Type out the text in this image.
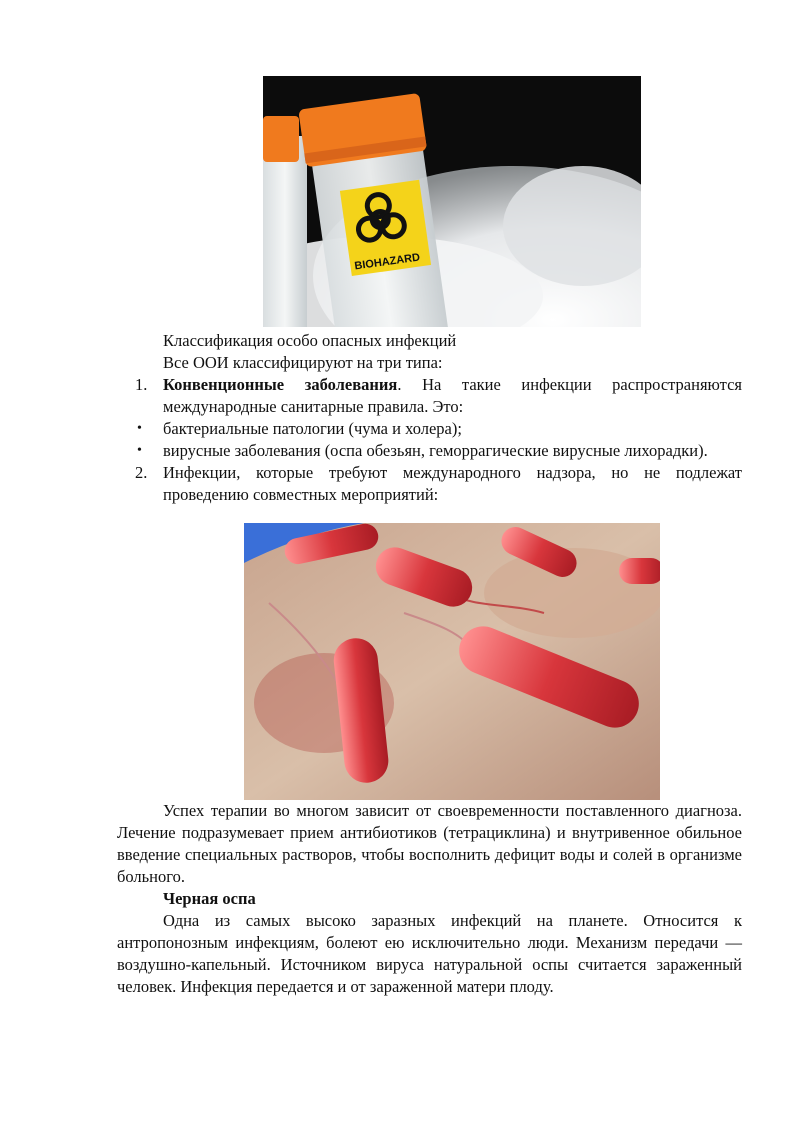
BIOHAZARD

Классификация особо опасных инфекций

Все ООИ классифицируют на три типа:

1. Конвенционные заболевания. На такие инфекции распространяются международные санитарные правила. Это:

• бактериальные патологии (чума и холера);

• вирусные заболевания (оспа обезьян, геморрагические вирусные лихорадки).

2. Инфекции, которые требуют международного надзора, но не подлежат проведению совместных мероприятий:

Успех терапии во многом зависит от своевременности поставленного диагноза. Лечение подразумевает прием антибиотиков (тетрациклина) и внутривенное обильное введение специальных растворов, чтобы восполнить дефицит воды и солей в организме больного.

Черная оспа

Одна из самых высоко заразных инфекций на планете. Относится к антропонозным инфекциям, болеют ею исключительно люди. Механизм передачи — воздушно-капельный. Источником вируса натуральной оспы считается зараженный человек. Инфекция передается и от зараженной матери плоду.
